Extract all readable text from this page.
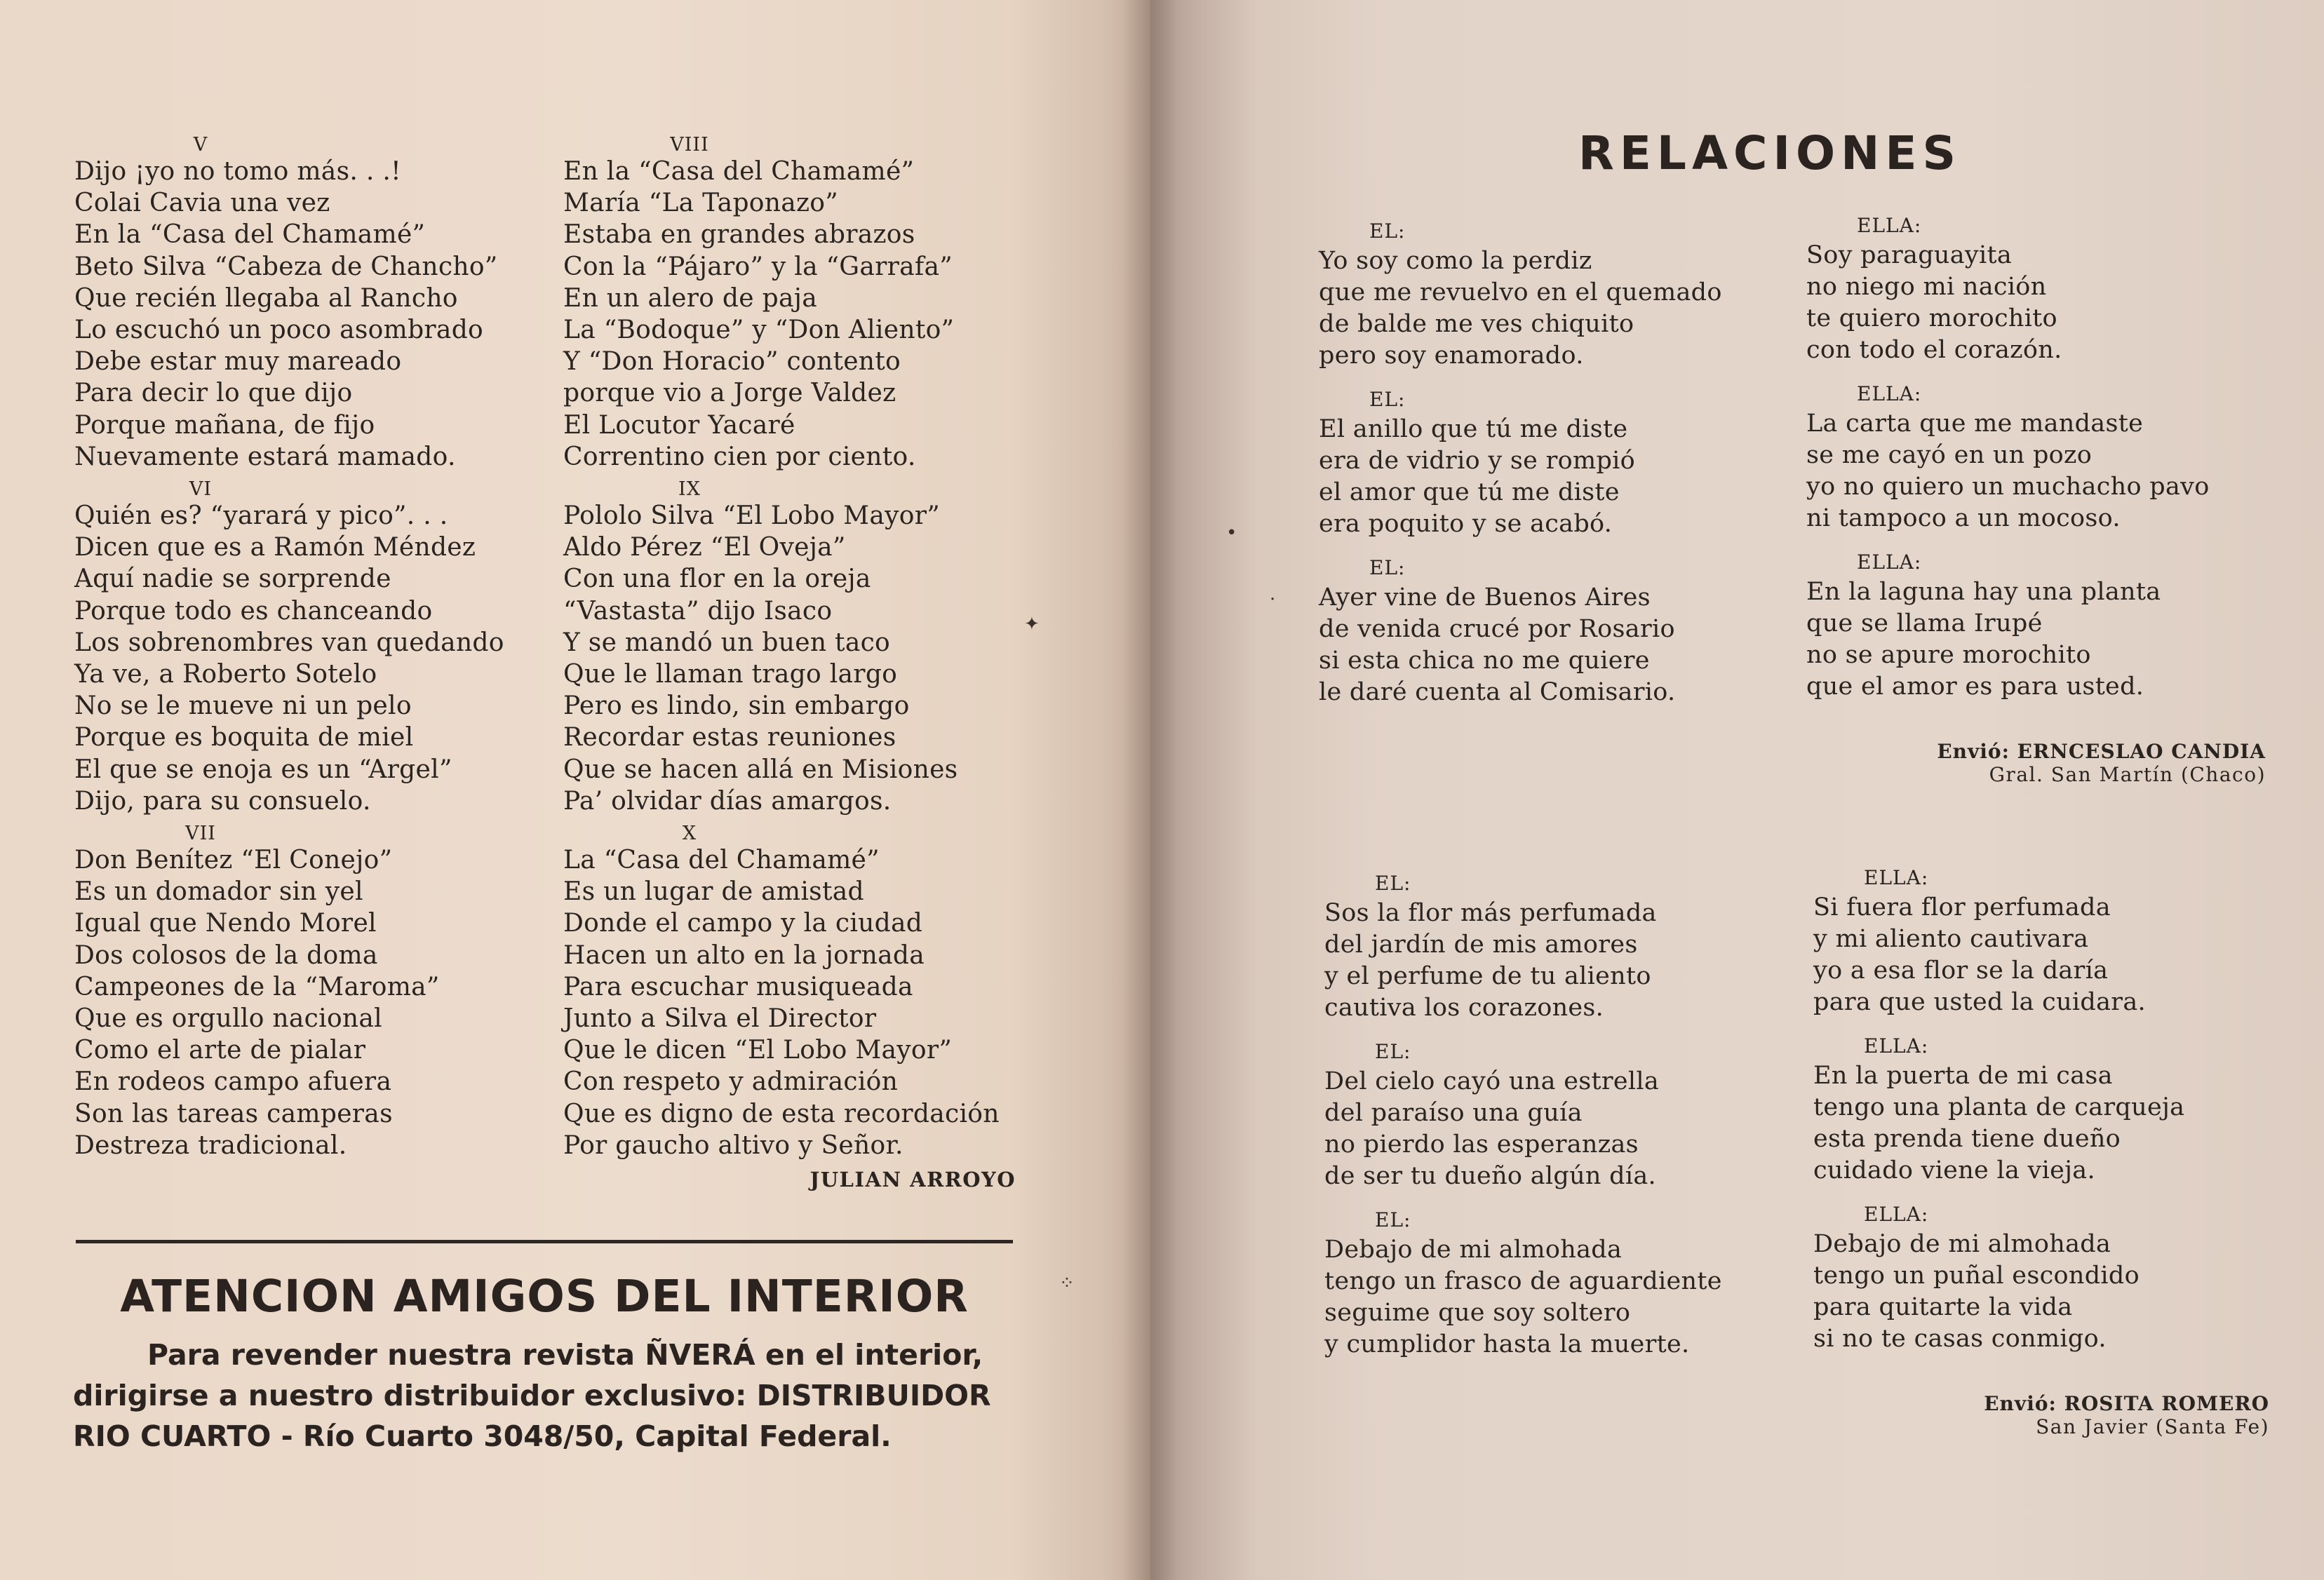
V
Dijo ¡yo no tomo más. . .!
Colai Cavia una vez
En la “Casa del Chamamé”
Beto Silva “Cabeza de Chancho”
Que recién llegaba al Rancho
Lo escuchó un poco asombrado
Debe estar muy mareado
Para decir lo que dijo
Porque mañana, de fijo
Nuevamente estará mamado.
VI
Quién es? “yarará y pico”. . .
Dicen que es a Ramón Méndez
Aquí nadie se sorprende
Porque todo es chanceando
Los sobrenombres van quedando
Ya ve, a Roberto Sotelo
No se le mueve ni un pelo
Porque es boquita de miel
El que se enoja es un “Argel”
Dijo, para su consuelo.
VII
Don Benítez “El Conejo”
Es un domador sin yel
Igual que Nendo Morel
Dos colosos de la doma
Campeones de la “Maroma”
Que es orgullo nacional
Como el arte de pialar
En rodeos campo afuera
Son las tareas camperas
Destreza tradicional.
VIII
En la “Casa del Chamamé”
María “La Taponazo”
Estaba en grandes abrazos
Con la “Pájaro” y la “Garrafa”
En un alero de paja
La “Bodoque” y “Don Aliento”
Y “Don Horacio” contento
porque vio a Jorge Valdez
El Locutor Yacaré
Correntino cien por ciento.
IX
Pololo Silva “El Lobo Mayor”
Aldo Pérez “El Oveja”
Con una flor en la oreja
“Vastasta” dijo Isaco
Y se mandó un buen taco
Que le llaman trago largo
Pero es lindo, sin embargo
Recordar estas reuniones
Que se hacen allá en Misiones
Pa’ olvidar días amargos.
X
La “Casa del Chamamé”
Es un lugar de amistad
Donde el campo y la ciudad
Hacen un alto en la jornada
Para escuchar musiqueada
Junto a Silva el Director
Que le dicen “El Lobo Mayor”
Con respeto y admiración
Que es digno de esta recordación
Por gaucho altivo y Señor.
JULIAN ARROYO
ATENCION AMIGOS DEL INTERIOR
Para revender nuestra revista ÑVERÁ en el interior,
dirigirse a nuestro distribuidor exclusivo: DISTRIBUIDOR
RIO CUARTO - Río Cuarto 3048/50, Capital Federal.
RELACIONES
EL:
Yo soy como la perdiz
que me revuelvo en el quemado
de balde me ves chiquito
pero soy enamorado.
EL:
El anillo que tú me diste
era de vidrio y se rompió
el amor que tú me diste
era poquito y se acabó.
EL:
Ayer vine de Buenos Aires
de venida crucé por Rosario
si esta chica no me quiere
le daré cuenta al Comisario.
ELLA:
Soy paraguayita
no niego mi nación
te quiero morochito
con todo el corazón.
ELLA:
La carta que me mandaste
se me cayó en un pozo
yo no quiero un muchacho pavo
ni tampoco a un mocoso.
ELLA:
En la laguna hay una planta
que se llama Irupé
no se apure morochito
que el amor es para usted.
EL:
Sos la flor más perfumada
del jardín de mis amores
y el perfume de tu aliento
cautiva los corazones.
EL:
Del cielo cayó una estrella
del paraíso una guía
no pierdo las esperanzas
de ser tu dueño algún día.
EL:
Debajo de mi almohada
tengo un frasco de aguardiente
seguime que soy soltero
y cumplidor hasta la muerte.
ELLA:
Si fuera flor perfumada
y mi aliento cautivara
yo a esa flor se la daría
para que usted la cuidara.
ELLA:
En la puerta de mi casa
tengo una planta de carqueja
esta prenda tiene dueño
cuidado viene la vieja.
ELLA:
Debajo de mi almohada
tengo un puñal escondido
para quitarte la vida
si no te casas conmigo.
Envió: ERNCESLAO CANDIA
Gral. San Martín (Chaco)
Envió: ROSITA ROMERO
San Javier (Santa Fe)
✦
⁘
•
·
